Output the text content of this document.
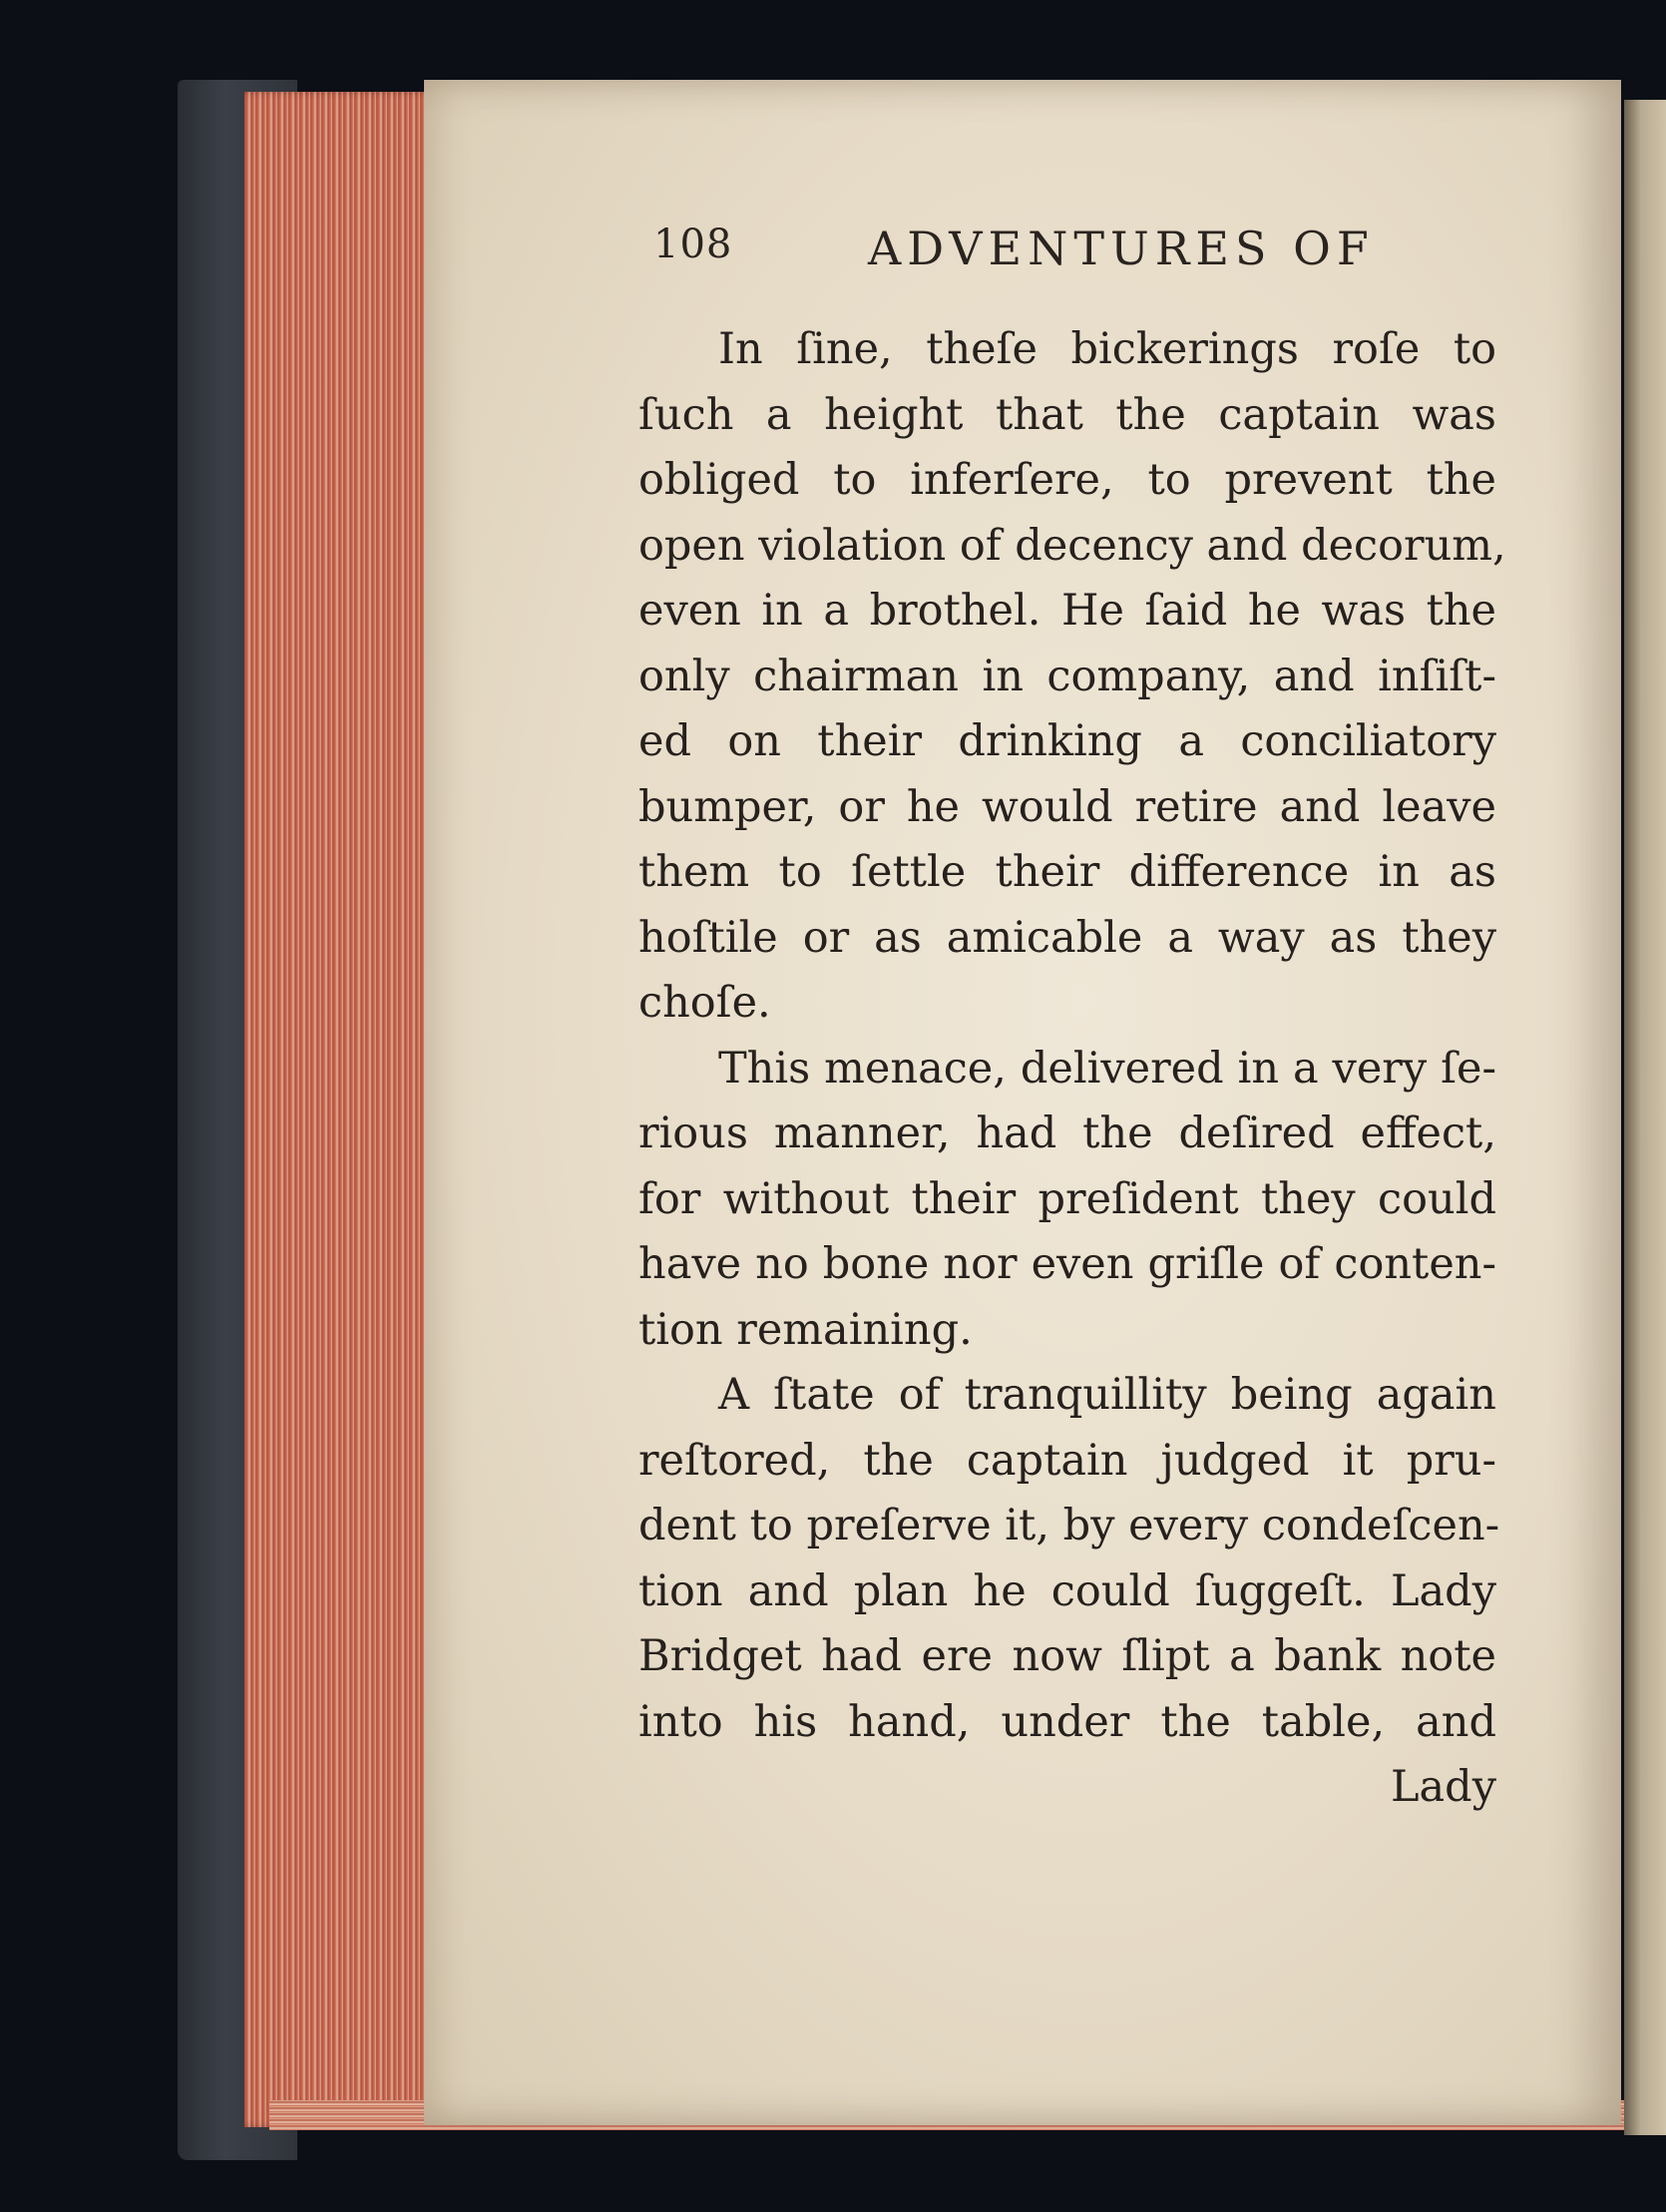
108	ADVENTURES OF
In ſine, theſe bickerings roſe to
ſuch a height that the captain was
obliged to inferſere, to prevent the
open violation of decency and decorum,
even in a brothel. He ſaid he was the
only chairman in company, and inſiſt-
ed on their drinking a conciliatory
bumper, or he would retire and leave
them to ſettle their difference in as
hoſtile or as amicable a way as they
choſe.
This menace, delivered in a very ſe-
rious manner, had the deſired effect,
for without their preſident they could
have no bone nor even griſle of conten-
tion remaining.
A ſtate of tranquillity being again
reſtored, the captain judged it pru-
dent to preſerve it, by every condeſcen-
tion and plan he could ſuggeſt. Lady
Bridget had ere now ſlipt a bank note
into his hand, under the table, and
Lady
